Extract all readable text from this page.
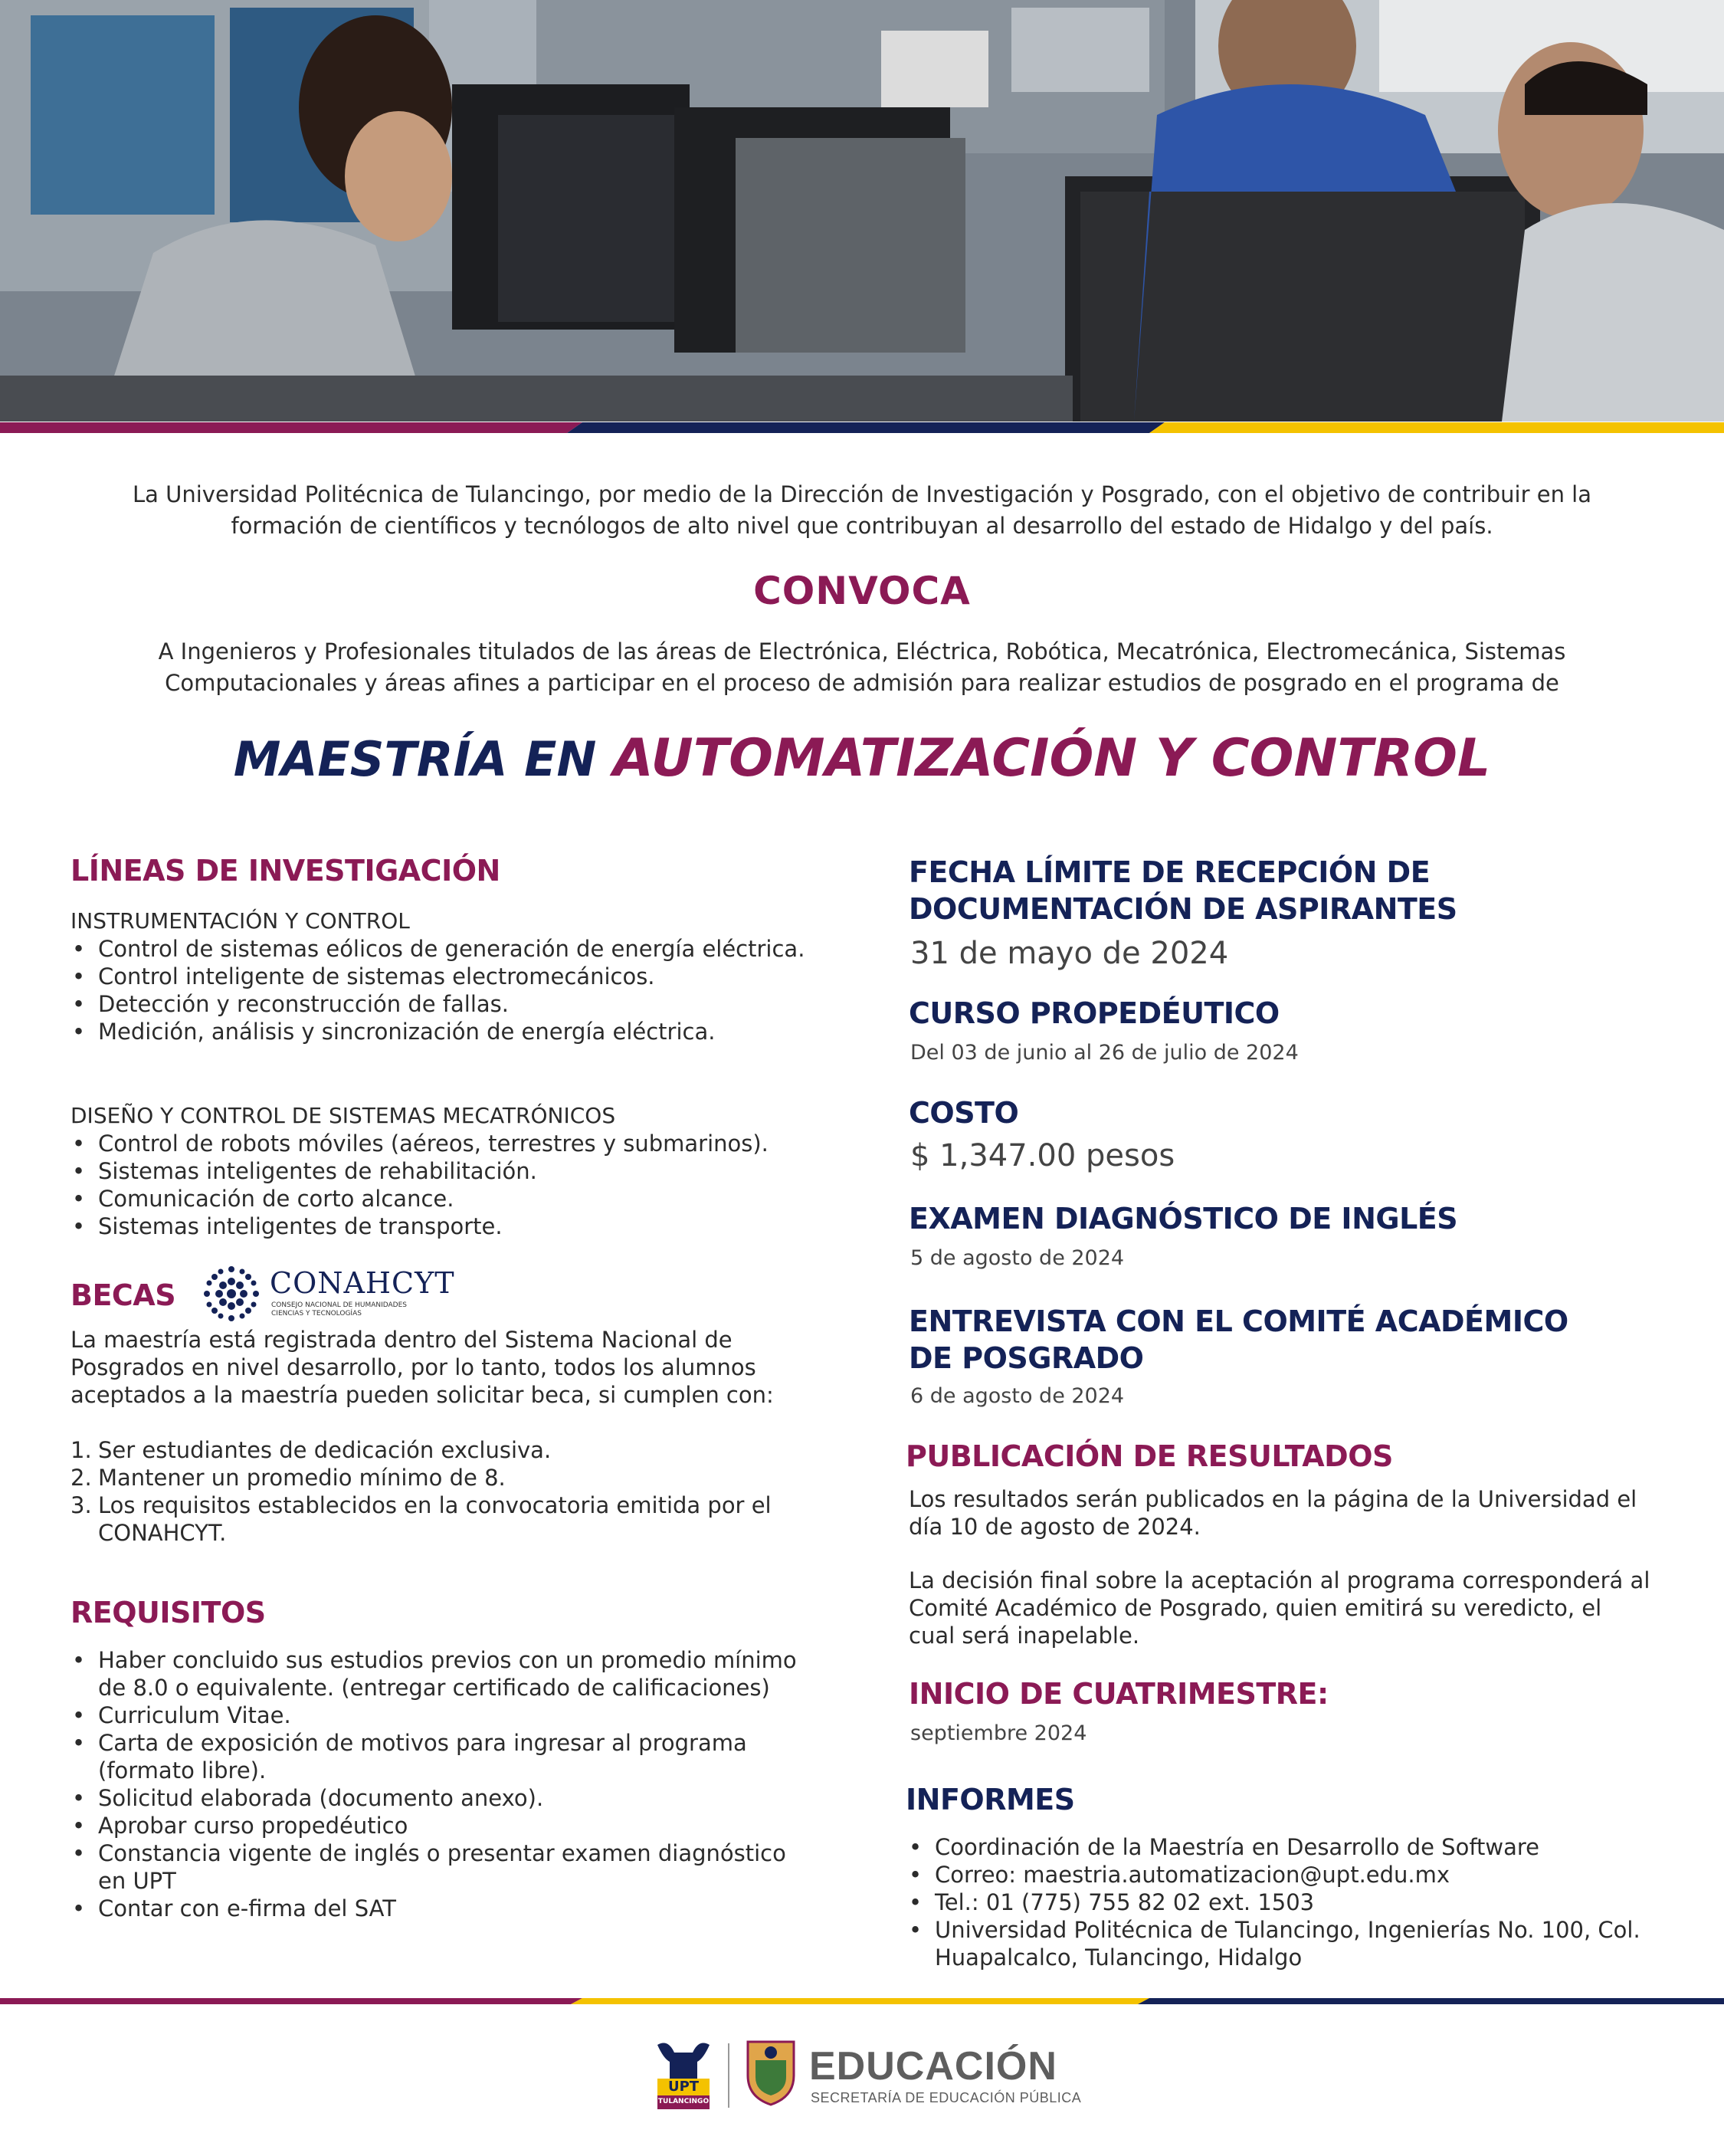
La Universidad Politécnica de Tulancingo, por medio de la Dirección de Investigación y Posgrado, con el objetivo de contribuir en la formación de científicos y tecnólogos de alto nivel que contribuyan al desarrollo del estado de Hidalgo y del país.
CONVOCA
A Ingenieros y Profesionales titulados de las áreas de Electrónica, Eléctrica, Robótica, Mecatrónica, Electromecánica, Sistemas Computacionales y áreas afines a participar en el proceso de admisión para realizar estudios de posgrado en el programa de
MAESTRÍA EN AUTOMATIZACIÓN Y CONTROL
LÍNEAS DE INVESTIGACIÓN
INSTRUMENTACIÓN Y CONTROL
• Control de sistemas eólicos de generación de energía eléctrica.
• Control inteligente de sistemas electromecánicos.
• Detección y reconstrucción de fallas.
• Medición, análisis y sincronización de energía eléctrica.
DISEÑO Y CONTROL DE SISTEMAS MECATRÓNICOS
• Control de robots móviles (aéreos, terrestres y submarinos).
• Sistemas inteligentes de rehabilitación.
• Comunicación de corto alcance.
• Sistemas inteligentes de transporte.
BECAS	CONAHCYT
CONSEJO NACIONAL DE HUMANIDADES
CIENCIAS Y TECNOLOGÍAS
La maestría está registrada dentro del Sistema Nacional de Posgrados en nivel desarrollo, por lo tanto, todos los alumnos aceptados a la maestría pueden solicitar beca, si cumplen con:
1. Ser estudiantes de dedicación exclusiva.
2. Mantener un promedio mínimo de 8.
3. Los requisitos establecidos en la convocatoria emitida por el CONAHCYT.
REQUISITOS
• Haber concluido sus estudios previos con un promedio mínimo de 8.0 o equivalente. (entregar certificado de calificaciones)
• Curriculum Vitae.
• Carta de exposición de motivos para ingresar al programa (formato libre).
• Solicitud elaborada (documento anexo).
• Aprobar curso propedéutico
• Constancia vigente de inglés o presentar examen diagnóstico en UPT
• Contar con e-firma del SAT
FECHA LÍMITE DE RECEPCIÓN DE
DOCUMENTACIÓN DE ASPIRANTES
31 de mayo de 2024
CURSO PROPEDÉUTICO
Del 03 de junio al 26 de julio de 2024
COSTO
$ 1,347.00 pesos
EXAMEN DIAGNÓSTICO DE INGLÉS
5 de agosto de 2024
ENTREVISTA CON EL COMITÉ ACADÉMICO
DE POSGRADO
6 de agosto de 2024
PUBLICACIÓN DE RESULTADOS
Los resultados serán publicados en la página de la Universidad el día 10 de agosto de 2024.
La decisión final sobre la aceptación al programa corresponderá al Comité Académico de Posgrado, quien emitirá su veredicto, el cual será inapelable.
INICIO DE CUATRIMESTRE:
septiembre 2024
INFORMES
• Coordinación de la Maestría en Desarrollo de Software
• Correo: maestria.automatizacion@upt.edu.mx
• Tel.: 01 (775) 755 82 02 ext. 1503
• Universidad Politécnica de Tulancingo, Ingenierías No. 100, Col. Huapalcalco, Tulancingo, Hidalgo
UPT
TULANCINGO
EDUCACIÓN
SECRETARÍA DE EDUCACIÓN PÚBLICA
